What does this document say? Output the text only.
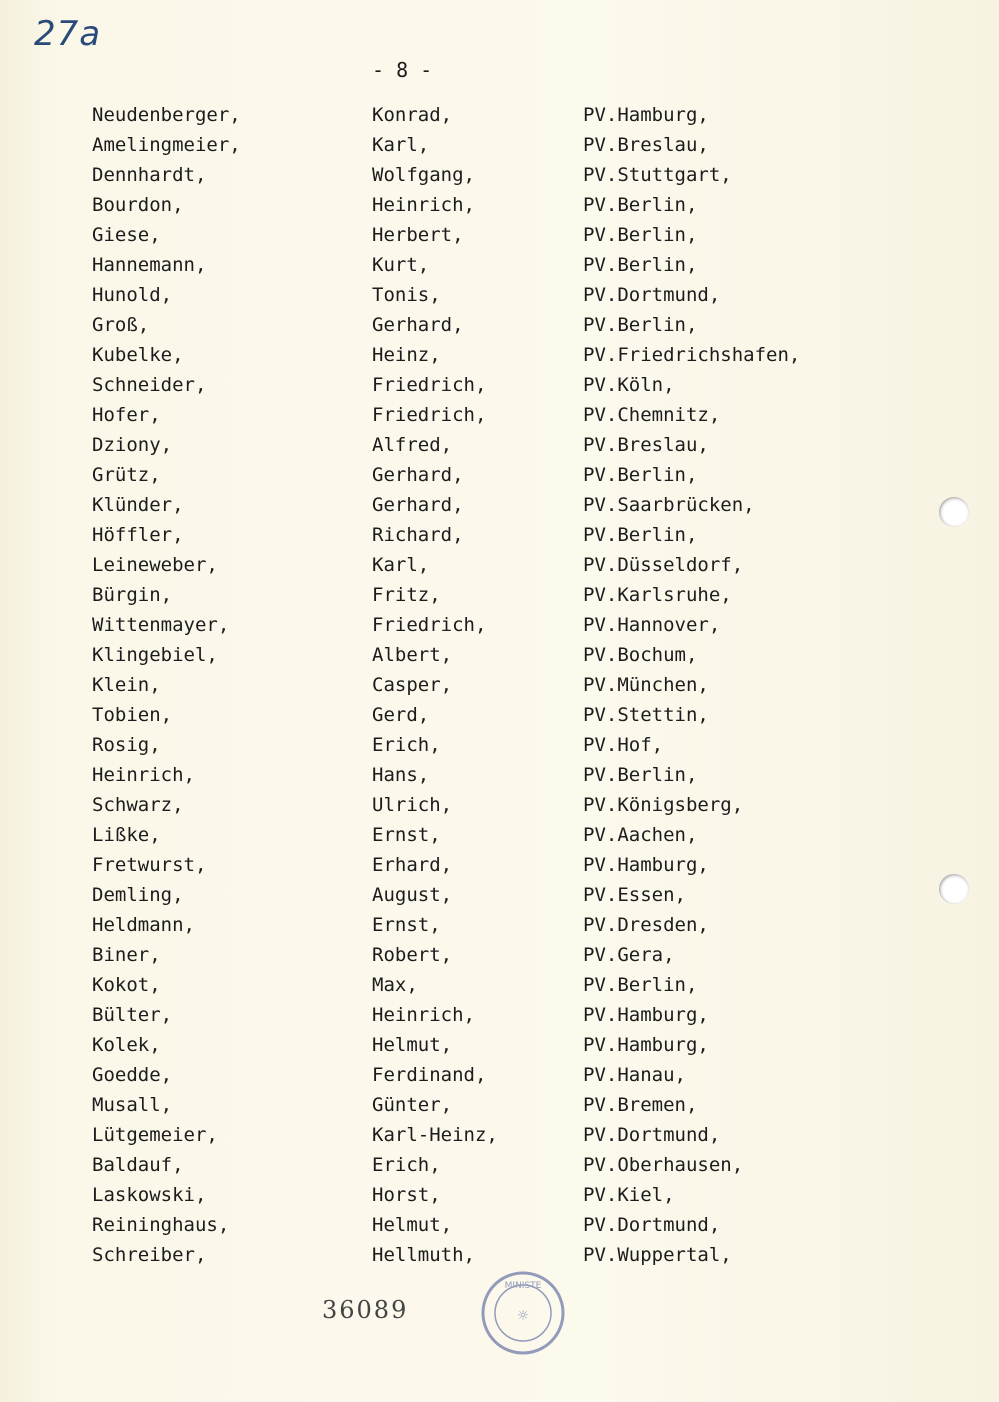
27a
- 8 -
Neudenberger,	Konrad,	PV.Hamburg,
Amelingmeier,	Karl,	PV.Breslau,
Dennhardt,	Wolfgang,	PV.Stuttgart,
Bourdon,	Heinrich,	PV.Berlin,
Giese,	Herbert,	PV.Berlin,
Hannemann,	Kurt,	PV.Berlin,
Hunold,	Tonis,	PV.Dortmund,
Groß,	Gerhard,	PV.Berlin,
Kubelke,	Heinz,	PV.Friedrichshafen,
Schneider,	Friedrich,	PV.Köln,
Hofer,	Friedrich,	PV.Chemnitz,
Dziony,	Alfred,	PV.Breslau,
Grütz,	Gerhard,	PV.Berlin,
Klünder,	Gerhard,	PV.Saarbrücken,
Höffler,	Richard,	PV.Berlin,
Leineweber,	Karl,	PV.Düsseldorf,
Bürgin,	Fritz,	PV.Karlsruhe,
Wittenmayer,	Friedrich,	PV.Hannover,
Klingebiel,	Albert,	PV.Bochum,
Klein,	Casper,	PV.München,
Tobien,	Gerd,	PV.Stettin,
Rosig,	Erich,	PV.Hof,
Heinrich,	Hans,	PV.Berlin,
Schwarz,	Ulrich,	PV.Königsberg,
Lißke,	Ernst,	PV.Aachen,
Fretwurst,	Erhard,	PV.Hamburg,
Demling,	August,	PV.Essen,
Heldmann,	Ernst,	PV.Dresden,
Biner,	Robert,	PV.Gera,
Kokot,	Max,	PV.Berlin,
Bülter,	Heinrich,	PV.Hamburg,
Kolek,	Helmut,	PV.Hamburg,
Goedde,	Ferdinand,	PV.Hanau,
Musall,	Günter,	PV.Bremen,
Lütgemeier,	Karl-Heinz,	PV.Dortmund,
Baldauf,	Erich,	PV.Oberhausen,
Laskowski,	Horst,	PV.Kiel,
Reininghaus,	Helmut,	PV.Dortmund,
Schreiber,	Hellmuth,	PV.Wuppertal,
36089
MINISTE
☼
